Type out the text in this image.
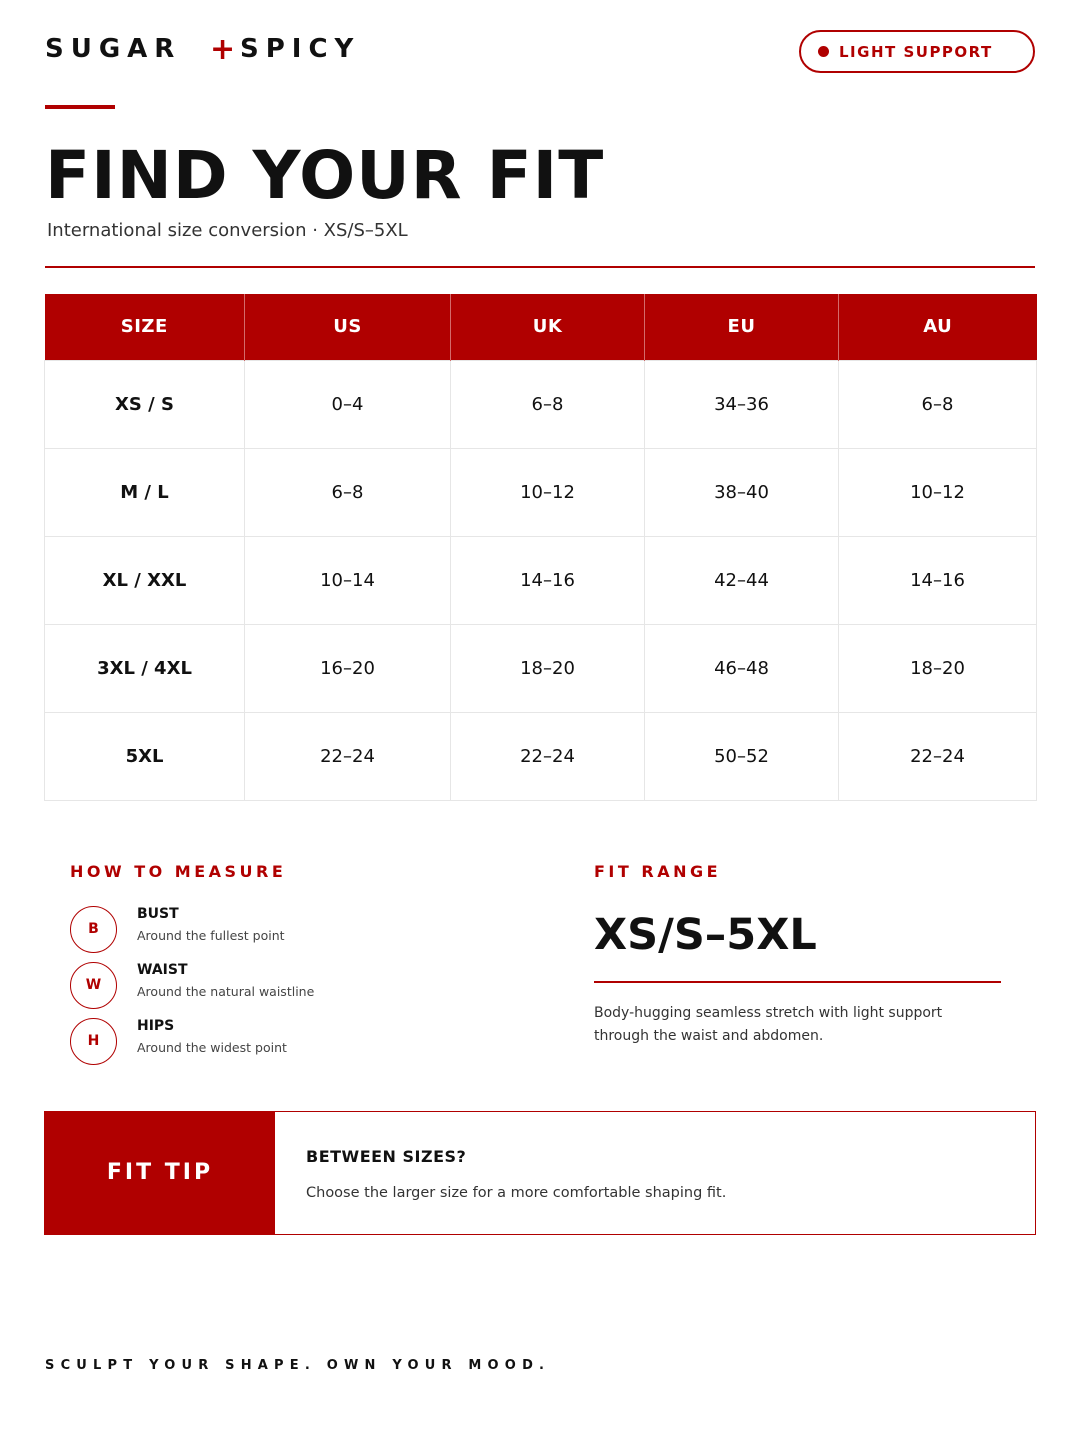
SUGAR + SPICY	LIGHT SUPPORT
FIND YOUR FIT
International size conversion · XS/S–5XL
SIZE	US	UK	EU	AU
XS / S	0–4	6–8	34–36	6–8
M / L	6–8	10–12	38–40	10–12
XL / XXL	10–14	14–16	42–44	14–16
3XL / 4XL	16–20	18–20	46–48	18–20
5XL	22–24	22–24	50–52	22–24
HOW TO MEASURE
B
BUST
Around the fullest point
W
WAIST
Around the natural waistline
H
HIPS
Around the widest point
FIT RANGE
XS/S–5XL
Body-hugging seamless stretch with light support through the waist and abdomen.
FIT TIP
BETWEEN SIZES?
Choose the larger size for a more comfortable shaping fit.
SCULPT YOUR SHAPE. OWN YOUR MOOD.
